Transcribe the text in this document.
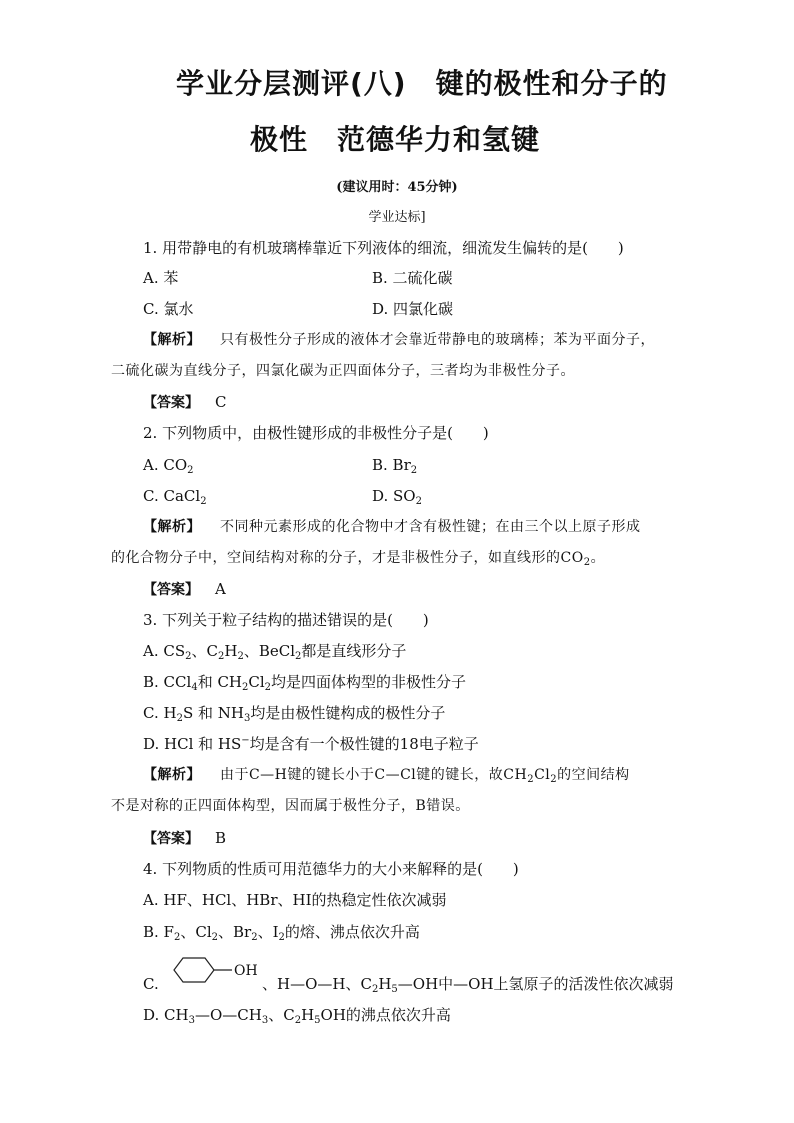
学业分层测评(八)　键的极性和分子的
极性　范德华力和氢键
(建议用时：45分钟)
学业达标]
1. 用带静电的有机玻璃棒靠近下列液体的细流，细流发生偏转的是(　　)
A. 苯	B. 二硫化碳
C. 氯水	D. 四氯化碳
【解析】 只有极性分子形成的液体才会靠近带静电的玻璃棒；苯为平面分子，
二硫化碳为直线分子，四氯化碳为正四面体分子，三者均为非极性分子。
【答案】 C
2. 下列物质中，由极性键形成的非极性分子是(　　)
A. $CO_2$	B. $Br_2$
C. CaCl$_2$	D. $SO_2$
【解析】 不同种元素形成的化合物中才含有极性键；在由三个以上原子形成
的化合物分子中，空间结构对称的分子，才是非极性分子，如直线形的$CO_2$。
【答案】 A
3. 下列关于粒子结构的描述错误的是(　　)
A. $CS_2$、$C_2H_2$、BeCl$_2$都是直线形分子
B. CCl$_4$和 $CH_2Cl_2$均是四面体构型的非极性分子
C. $H_2S$ 和 $NH_3$均是由极性键构成的极性分子
D. HCl 和 HS−均是含有一个极性键的18电子粒子
【解析】 由于C—H键的键长小于C—Cl键的键长，故$CH_2Cl_2$的空间结构
不是对称的正四面体构型，因而属于极性分子，B错误。
【答案】 B
4. 下列物质的性质可用范德华力的大小来解释的是(　　)
A. HF、HCl、HBr、HI的热稳定性依次减弱
B. $F_2$、$Cl_2$、$Br_2$、$I_2$的熔、沸点依次升高
C.
OH
、H—O—H、$C_2H_5—OH$中—OH上氢原子的活泼性依次减弱
D. $CH_3—O—CH_3$、$C_2H_5OH$的沸点依次升高
